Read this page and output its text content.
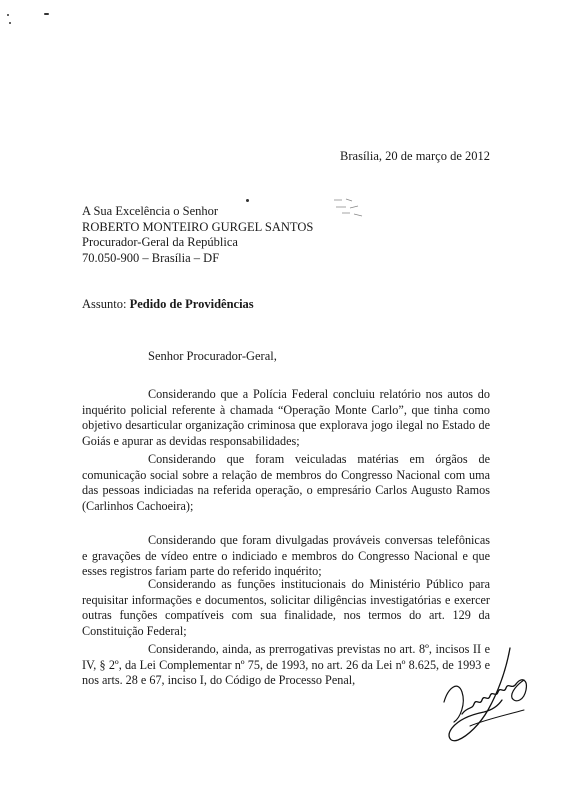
Brasília, 20 de março de 2012
A Sua Excelência o Senhor
ROBERTO MONTEIRO GURGEL SANTOS
Procurador-Geral da República
70.050-900 – Brasília – DF
Assunto: Pedido de Providências
Senhor Procurador-Geral,

Considerando que a Polícia Federal concluiu relatório nos autos do inquérito policial referente à chamada “Operação Monte Carlo”, que tinha como objetivo desarticular organização criminosa que explorava jogo ilegal no Estado de Goiás e apurar as devidas responsabilidades;

Considerando que foram veiculadas matérias em órgãos de comunicação social sobre a relação de membros do Congresso Nacional com uma das pessoas indiciadas na referida operação, o empresário Carlos Augusto Ramos (Carlinhos Cachoeira);

Considerando que foram divulgadas prováveis conversas telefônicas e gravações de vídeo entre o indiciado e membros do Congresso Nacional e que esses registros fariam parte do referido inquérito;

Considerando as funções institucionais do Ministério Público para requisitar informações e documentos, solicitar diligências investigatórias e exercer outras funções compatíveis com sua finalidade, nos termos do art. 129 da Constituição Federal;

Considerando, ainda, as prerrogativas previstas no art. 8º, incisos II e IV, § 2º, da Lei Complementar nº 75, de 1993, no art. 26 da Lei nº 8.625, de 1993 e nos arts. 28 e 67, inciso I, do Código de Processo Penal,
